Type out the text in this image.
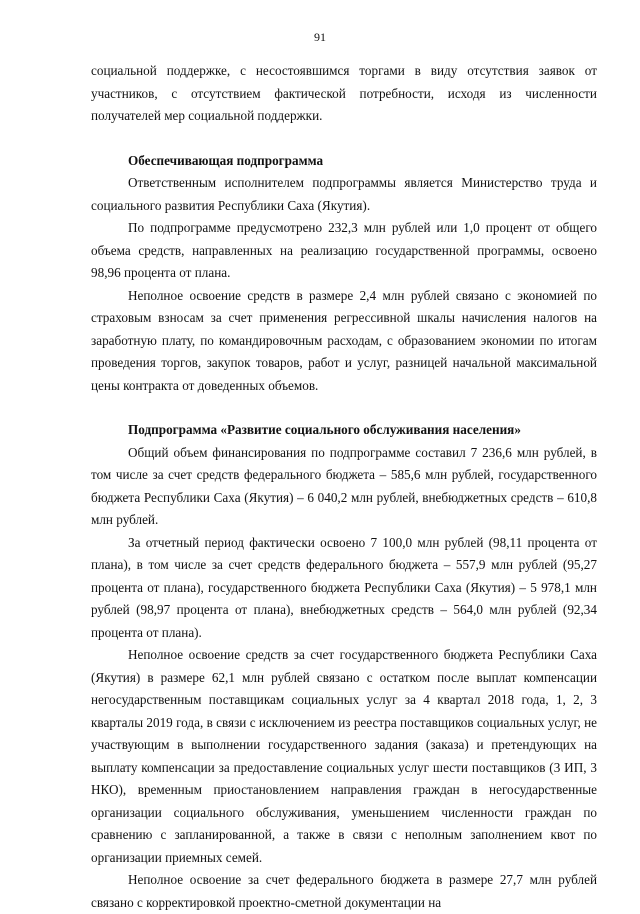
91

социальной поддержке, с несостоявшимся торгами в виду отсутствия заявок от участников, с отсутствием фактической потребности, исходя из численности получателей мер социальной поддержки.

Обеспечивающая подпрограмма

Ответственным исполнителем подпрограммы является Министерство труда и социального развития Республики Саха (Якутия).

По подпрограмме предусмотрено 232,3 млн рублей или 1,0 процент от общего объема средств, направленных на реализацию государственной программы, освоено 98,96 процента от плана.

Неполное освоение средств в размере 2,4 млн рублей связано с экономией по страховым взносам за счет применения регрессивной шкалы начисления налогов на заработную плату, по командировочным расходам, с образованием экономии по итогам проведения торгов, закупок товаров, работ и услуг, разницей начальной максимальной цены контракта от доведенных объемов.

Подпрограмма «Развитие социального обслуживания населения»

Общий объем финансирования по подпрограмме составил 7 236,6 млн рублей, в том числе за счет средств федерального бюджета – 585,6 млн рублей, государственного бюджета Республики Саха (Якутия) – 6 040,2 млн рублей, внебюджетных средств – 610,8 млн рублей.

За отчетный период фактически освоено 7 100,0 млн рублей (98,11 процента от плана), в том числе за счет средств федерального бюджета – 557,9 млн рублей (95,27 процента от плана), государственного бюджета Республики Саха (Якутия) – 5 978,1 млн рублей (98,97 процента от плана), внебюджетных средств – 564,0 млн рублей (92,34 процента от плана).

Неполное освоение средств за счет государственного бюджета Республики Саха (Якутия) в размере 62,1 млн рублей связано с остатком после выплат компенсации негосударственным поставщикам социальных услуг за 4 квартал 2018 года, 1, 2, 3 кварталы 2019 года, в связи с исключением из реестра поставщиков социальных услуг, не участвующим в выполнении государственного задания (заказа) и претендующих на выплату компенсации за предоставление социальных услуг шести поставщиков (3 ИП, 3 НКО), временным приостановлением направления граждан в негосударственные организации социального обслуживания, уменьшением численности граждан по сравнению с запланированной, а также в связи с неполным заполнением квот по организации приемных семей.

Неполное освоение за счет федерального бюджета в размере 27,7 млн рублей связано с корректировкой проектно-сметной документации на
